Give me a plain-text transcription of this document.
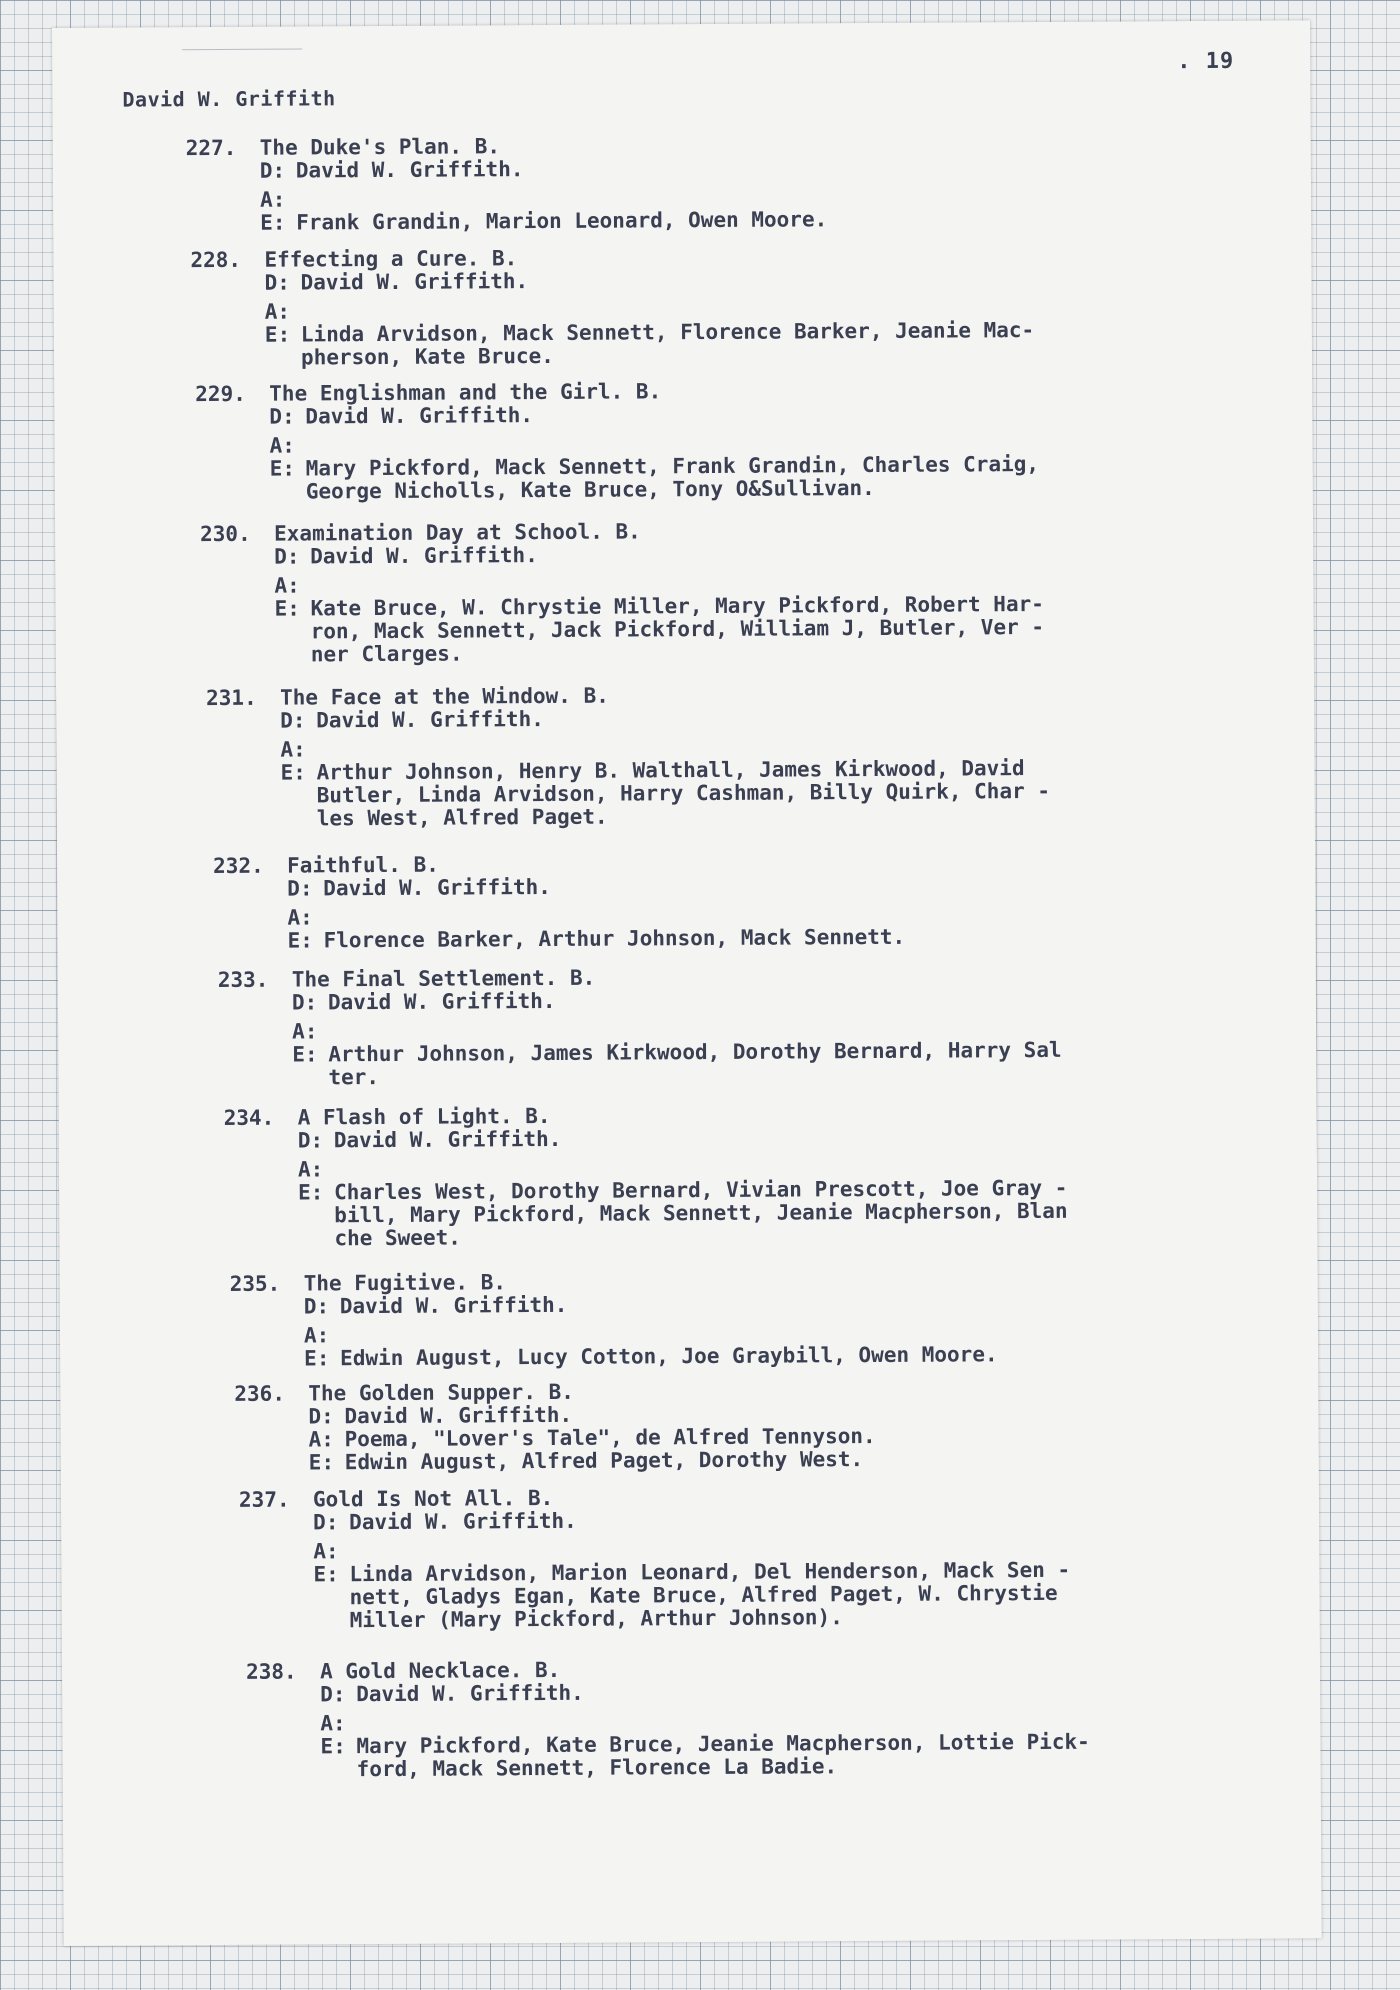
. 19
David W. Griffith
227. The Duke's Plan. B.
D: David W. Griffith.
A:
E: Frank Grandin, Marion Leonard, Owen Moore.
228. Effecting a Cure. B.
D: David W. Griffith.
A:
E: Linda Arvidson, Mack Sennett, Florence Barker, Jeanie Mac-
pherson, Kate Bruce.
229. The Englishman and the Girl. B.
D: David W. Griffith.
A:
E: Mary Pickford, Mack Sennett, Frank Grandin, Charles Craig,
George Nicholls, Kate Bruce, Tony O&Sullivan.
230. Examination Day at School. B.
D: David W. Griffith.
A:
E: Kate Bruce, W. Chrystie Miller, Mary Pickford, Robert Har-
ron, Mack Sennett, Jack Pickford, William J, Butler, Ver -
ner Clarges.
231. The Face at the Window. B.
D: David W. Griffith.
A:
E: Arthur Johnson, Henry B. Walthall, James Kirkwood, David
Butler, Linda Arvidson, Harry Cashman, Billy Quirk, Char -
les West, Alfred Paget.
232. Faithful. B.
D: David W. Griffith.
A:
E: Florence Barker, Arthur Johnson, Mack Sennett.
233. The Final Settlement. B.
D: David W. Griffith.
A:
E: Arthur Johnson, James Kirkwood, Dorothy Bernard, Harry Sal
ter.
234. A Flash of Light. B.
D: David W. Griffith.
A:
E: Charles West, Dorothy Bernard, Vivian Prescott, Joe Gray -
bill, Mary Pickford, Mack Sennett, Jeanie Macpherson, Blan
che Sweet.
235. The Fugitive. B.
D: David W. Griffith.
A:
E: Edwin August, Lucy Cotton, Joe Graybill, Owen Moore.
236. The Golden Supper. B.
D: David W. Griffith.
A: Poema, "Lover's Tale", de Alfred Tennyson.
E: Edwin August, Alfred Paget, Dorothy West.
237. Gold Is Not All. B.
D: David W. Griffith.
A:
E: Linda Arvidson, Marion Leonard, Del Henderson, Mack Sen -
nett, Gladys Egan, Kate Bruce, Alfred Paget, W. Chrystie
Miller (Mary Pickford, Arthur Johnson).
238. A Gold Necklace. B.
D: David W. Griffith.
A:
E: Mary Pickford, Kate Bruce, Jeanie Macpherson, Lottie Pick-
ford, Mack Sennett, Florence La Badie.
